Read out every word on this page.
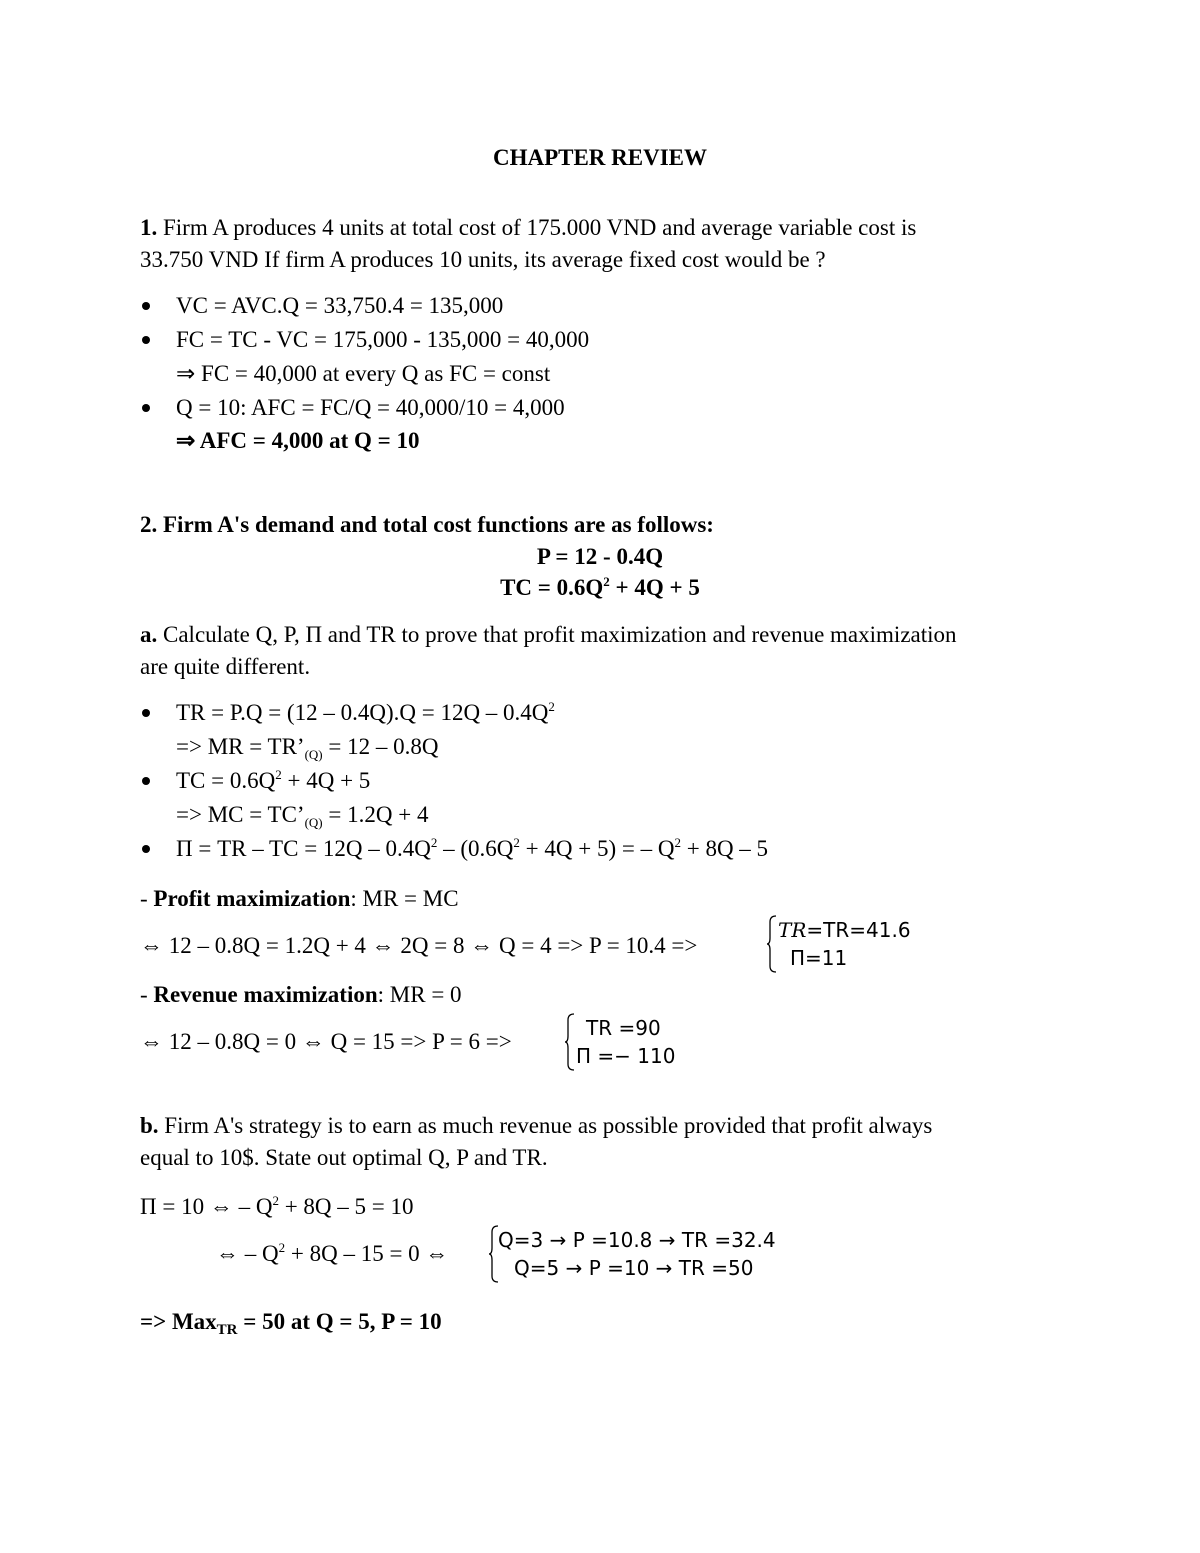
CHAPTER REVIEW
1. Firm A produces 4 units at total cost of 175.000 VND and average variable cost is
33.750 VND If firm A produces 10 units, its average fixed cost would be ?
VC = AVC.Q = 33,750.4 = 135,000
FC = TC - VC = 175,000 - 135,000 = 40,000
⇒ FC = 40,000 at every Q as FC = const
Q = 10: AFC = FC/Q = 40,000/10 = 4,000
⇒ AFC = 4,000 at Q = 10
2. Firm A's demand and total cost functions are as follows:
P = 12 - 0.4Q
TC = $0.6Q^2 + 4Q + 5$
a. Calculate Q, P, Π and TR to prove that profit maximization and revenue maximization
are quite different.
TR = $P.Q = (12 - 0.4Q).Q = 12Q - 0.4Q^2$
=> MR = $TR’_{(Q)} = 12 - 0.8Q$
TC = $0.6Q^2 + 4Q + 5$
=> MC = $TC’_{(Q)} = 1.2Q + 4$
Π = TR – TC = $12Q - 0.4Q^2 - (0.6Q^2 + 4Q + 5)$ = – $Q^2 + 8Q - 5$
- Profit maximization: MR = MC
⇔ 12 – 0.8Q = 1.2Q + 4 ⇔ 2Q = 8 ⇔ Q = 4 => P = 10.4 =>
TR=TR=41.6
Π=11
- Revenue maximization: MR = 0
⇔ 12 – 0.8Q = 0 ⇔ Q = 15 => P = 6 =>
TR =90
Π =− 110
b. Firm A's strategy is to earn as much revenue as possible provided that profit always
equal to 10$. State out optimal Q, P and TR.
Π = 10 ⇔ – $Q^2 + 8Q - 5 = 10$
⇔ – $Q^2 + 8Q - 15 = 0$ ⇔
Q=3 → P =10.8 → TR =32.4
Q=5 → P =10 → TR =50
=> Max$_{TR}$ = 50 at Q = 5, P = 10
